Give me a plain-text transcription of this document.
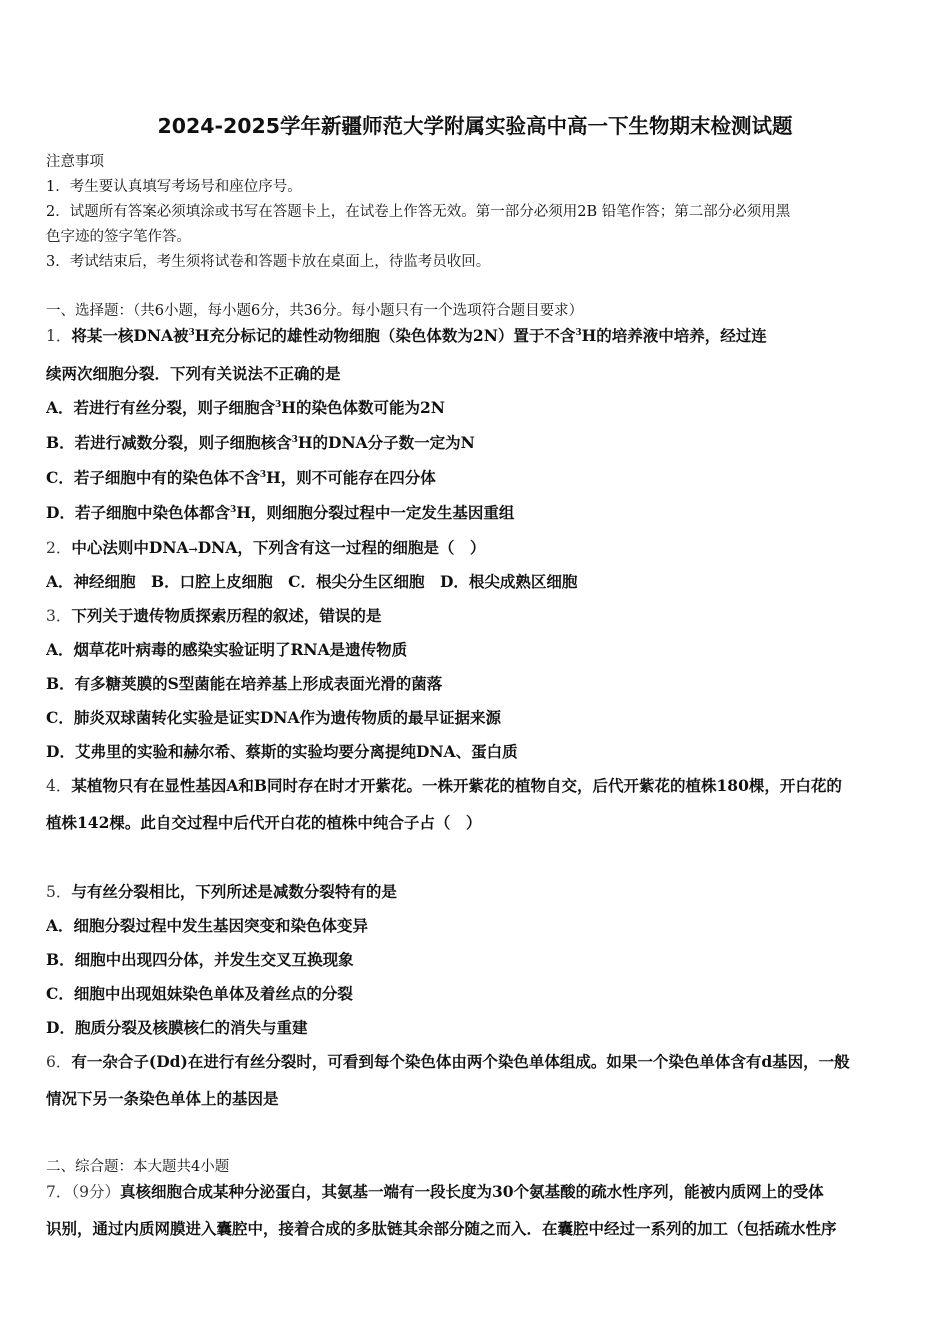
2024-2025学年新疆师范大学附属实验高中高一下生物期末检测试题
注意事项
1．考生要认真填写考场号和座位序号。
2．试题所有答案必须填涂或书写在答题卡上，在试卷上作答无效。第一部分必须用2B 铅笔作答；第二部分必须用黑
色字迹的签字笔作答。
3．考试结束后，考生须将试卷和答题卡放在桌面上，待监考员收回。
一、选择题：（共6小题，每小题6分，共36分。每小题只有一个选项符合题目要求）
1．将某一核DNA被$^3$H充分标记的雄性动物细胞（染色体数为2N）置于不含$^3$H的培养液中培养，经过连
续两次细胞分裂．下列有关说法不正确的是
A．若进行有丝分裂，则子细胞含$^3$H的染色体数可能为2N
B．若进行减数分裂，则子细胞核含$^3$H的DNA分子数一定为N
C．若子细胞中有的染色体不含$^3$H，则不可能存在四分体
D．若子细胞中染色体都含$^3$H，则细胞分裂过程中一定发生基因重组
2．中心法则中DNA→DNA，下列含有这一过程的细胞是（　）
A．神经细胞　B．口腔上皮细胞　C．根尖分生区细胞　D．根尖成熟区细胞
3．下列关于遗传物质探索历程的叙述，错误的是
A．烟草花叶病毒的感染实验证明了RNA是遗传物质
B．有多糖荚膜的S型菌能在培养基上形成表面光滑的菌落
C．肺炎双球菌转化实验是证实DNA作为遗传物质的最早证据来源
D．艾弗里的实验和赫尔希、蔡斯的实验均要分离提纯DNA、蛋白质
4．某植物只有在显性基因A和B同时存在时才开紫花。一株开紫花的植物自交，后代开紫花的植株180棵，开白花的
植株142棵。此自交过程中后代开白花的植株中纯合子占（　）
5．与有丝分裂相比，下列所述是减数分裂特有的是
A．细胞分裂过程中发生基因突变和染色体变异
B．细胞中出现四分体，并发生交叉互换现象
C．细胞中出现姐妹染色单体及着丝点的分裂
D．胞质分裂及核膜核仁的消失与重建
6．有一杂合子(Dd)在进行有丝分裂时，可看到每个染色体由两个染色单体组成。如果一个染色单体含有d基因，一般
情况下另一条染色单体上的基因是
二、综合题：本大题共4小题
7．（9分）真核细胞合成某种分泌蛋白，其氨基一端有一段长度为30个氨基酸的疏水性序列，能被内质网上的受体
识别，通过内质网膜进入囊腔中，接着合成的多肽链其余部分随之而入．在囊腔中经过一系列的加工（包括疏水性序
